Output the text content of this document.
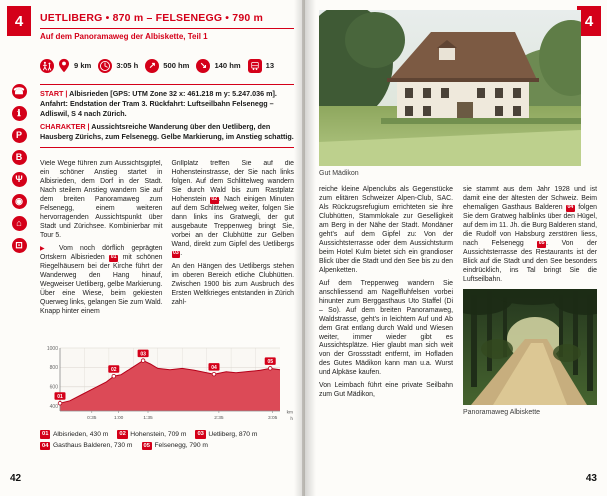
4
☎
ℹ
P
B
Ψ
◉
⌂
⊡
UETLIBERG • 870 m – FELSENEGG • 790 m
Auf dem Panoramaweg der Albiskette, Teil 1
9 km	3:05 h	↗ 500 hm	↘ 140 hm	13

START | Albisrieden [GPS: UTM Zone 32 x: 461.218 m y: 5.247.036 m]. Anfahrt: Endstation der Tram 3. Rückfahrt: Luftseilbahn Felsenegg – Adliswil, S 4 nach Zürich.

CHARAKTER | Aussichtsreiche Wanderung über den Uetliberg, den Hausberg Zürichs, zum Felsenegg. Gelbe Markierung, im Anstieg schattig.

Viele Wege führen zum Aussichtsgipfel, ein schöner Anstieg startet in Albisrieden, dem Dorf in der Stadt. Nach steilem Anstieg wandern Sie auf dem breiten Panoramaweg zum Felsenegg, einem weiteren hervorragenden Aussichtspunkt über Stadt und Zürichsee. Kombinierbar mit Tour 5.

▶ Vom noch dörflich geprägten Ortskern Albisrieden 01 mit schönen Riegelhäusern bei der Kirche führt der Wanderweg den Hang hinauf, Wegweiser Uetliberg, gelbe Markierung. Über eine Wiese, beim gekiesten Querweg links, gelangen Sie zum Wald. Knapp hinter einem

Grillplatz treffen Sie auf die Hohensteinstrasse, der Sie nach links folgen. Auf dem Schlittelweg wandern Sie durch Wald bis zum Rastplatz Hohenstein 02 . Nach einigen Minuten auf dem Schlittelweg weiter, folgen Sie dann links ins Gratwegli, der gut ausgebaute Treppenweg bringt Sie, vorbei an der Clubhütte zur Gelben Wand, direkt zum Gipfel des Uetlibergs 03 .

An den Hängen des Uetlibergs stehen im oberen Bereich etliche Clubhütten. Zwischen 1900 bis zum Ausbruch des Ersten Weltkrieges entstanden in Zürich zahl-

400
600
800
1000
0:35	1:00	1:35	2:35	3:05
km
h
01
02
03
04
05
01 Albisrieden, 430 m	02 Hohenstein, 709 m	03 Uetliberg, 870 m
04 Gasthaus Balderen, 730 m	05 Felsenegg, 790 m
42
4
Gut Mädikon

reiche kleine Alpenclubs als Gegenstücke zum elitären Schweizer Alpen-Club, SAC. Als Rückzugsrefugium errichteten sie ihre Clubhütten, Stammlokale zur Geselligkeit am Berg in der Nähe der Stadt. Mondäner geht’s auf dem Gipfel zu: Von der Aussichtsterrasse oder dem Aussichtsturm beim Hotel Kulm bietet sich ein grandioser Blick über die Stadt und den See bis zu den Alpenketten.

Auf dem Treppenweg wandern Sie anschliessend am Nagelfluhfelsen vorbei hinunter zum Berggasthaus Uto Staffel (Di – So). Auf dem breiten Panoramaweg, Waldstrasse, geht’s in leichtem Auf und Ab dem Grat entlang durch Wald und Wiesen weiter, immer wieder gibt es Aussichtsplätze. Hier glaubt man sich weit von der Grossstadt entfernt, im Hofladen des Gutes Mädikon kann man u.a. Wurst und Alpkäse kaufen.

Von Leimbach führt eine private Seilbahn zum Gut Mädikon,

sie stammt aus dem Jahr 1928 und ist damit eine der ältesten der Schweiz. Beim ehemaligen Gasthaus Balderen 04 folgen Sie dem Gratweg halblinks über den Hügel, auf dem im 11. Jh. die Burg Balderen stand, die Rudolf von Habsburg zerstören liess, nach Felsenegg 05 . Von der Aussichtsterrasse des Restaurants ist der Blick auf die Stadt und den See besonders eindrücklich, ins Tal bringt Sie die Luftseilbahn.

Panoramaweg Albiskette
43
